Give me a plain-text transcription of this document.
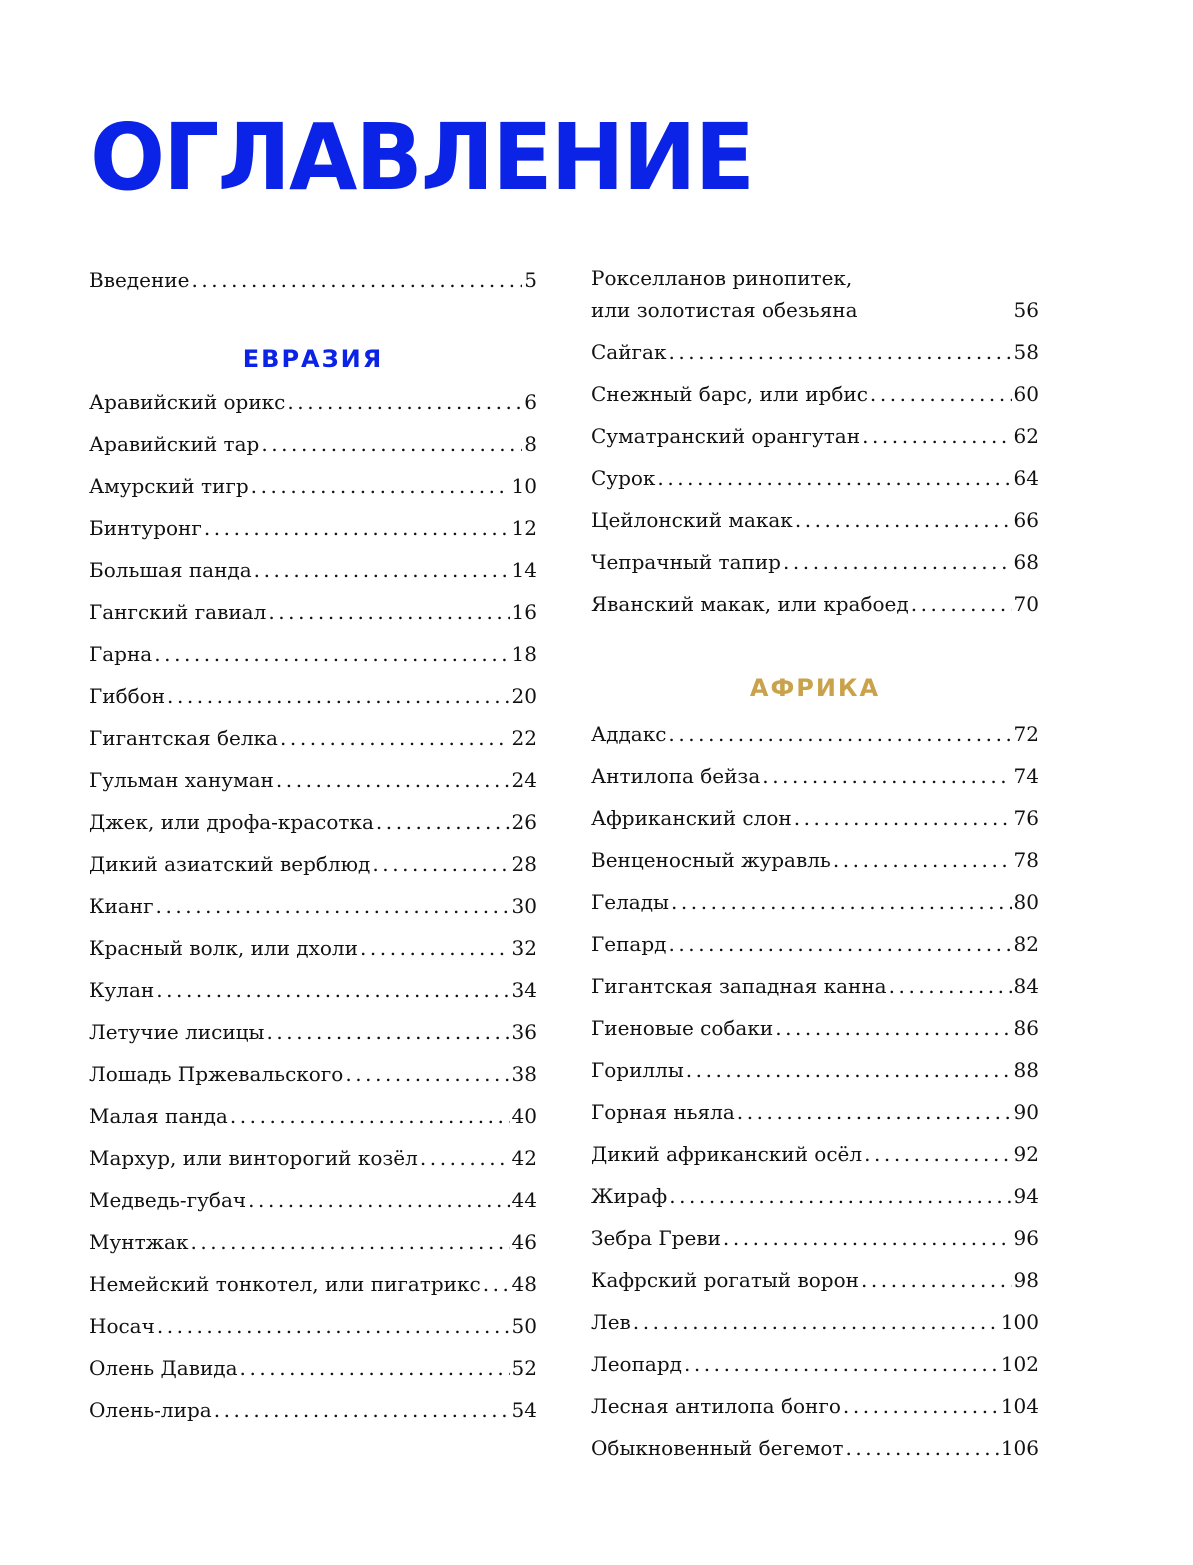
ОГЛАВЛЕНИЕ
Введение . . .	5
ЕВРАЗИЯ
Аравийский орикс . . .	6
Аравийский тар . . .	8
Амурский тигр . . .	10
Бинтуронг . . .	12
Большая панда . . .	14
Гангский гавиал . . .	16
Гарна . . .	18
Гиббон . . .	20
Гигантская белка . . .	22
Гульман хануман . . .	24
Джек, или дрофа-красотка . . .	26
Дикий азиатский верблюд . . .	28
Кианг . . .	30
Красный волк, или дхоли . . .	32
Кулан . . .	34
Летучие лисицы . . .	36
Лошадь Пржевальского . . .	38
Малая панда . . .	40
Мархур, или винторогий козёл . . .	42
Медведь-губач . . .	44
Мунтжак . . .	46
Немейский тонкотел, или пигатрикс . . . 48
Носач . . .	50
Олень Давида . . .	52
Олень-лира . . .	54
Рокселланов ринопитек,
или золотистая обезьяна	56
Сайгак . . .	58
Снежный барс, или ирбис . . .	60
Суматранский орангутан . . .	62
Сурок . . .	64
Цейлонский макак . . .	66
Чепрачный тапир . . .	68
Яванский макак, или крабоед . . .	70
АФРИКА
Аддакс . . .	72
Антилопа бейза . . .	74
Африканский слон . . .	76
Венценосный журавль . . .	78
Гелады . . .	80
Гепард . . .	82
Гигантская западная канна . . .	84
Гиеновые собаки . . .	86
Гориллы . . .	88
Горная ньяла . . .	90
Дикий африканский осёл . . .	92
Жираф . . .	94
Зебра Греви . . .	96
Кафрский рогатый ворон . . .	98
Лев . . .	100
Леопард . . .	102
Лесная антилопа бонго . . .	104
Обыкновенный бегемот . . .	106
